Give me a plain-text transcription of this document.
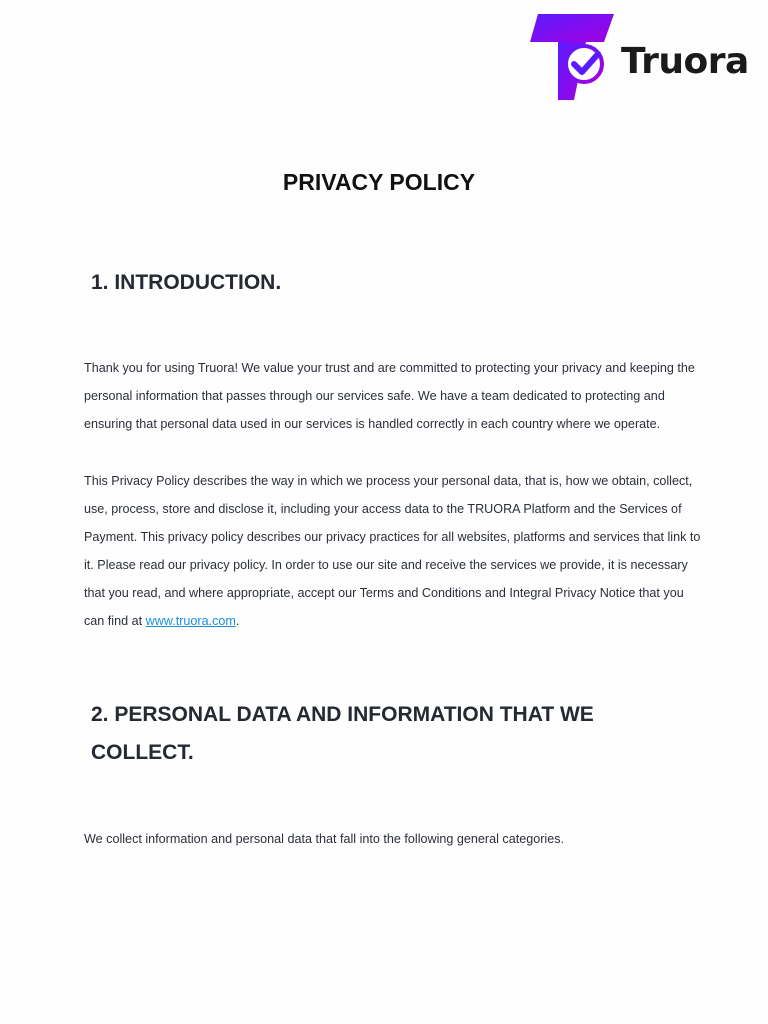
Truora
PRIVACY POLICY
1. INTRODUCTION.
Thank you for using Truora! We value your trust and are committed to protecting your privacy and keeping the personal information that passes through our services safe. We have a team dedicated to protecting and ensuring that personal data used in our services is handled correctly in each country where we operate.
This Privacy Policy describes the way in which we process your personal data, that is, how we obtain, collect, use, process, store and disclose it, including your access data to the TRUORA Platform and the Services of Payment. This privacy policy describes our privacy practices for all websites, platforms and services that link to it. Please read our privacy policy. In order to use our site and receive the services we provide, it is necessary that you read, and where appropriate, accept our Terms and Conditions and Integral Privacy Notice that you can find at www.truora.com.
2. PERSONAL DATA AND INFORMATION THAT WE
COLLECT.
We collect information and personal data that fall into the following general categories.
